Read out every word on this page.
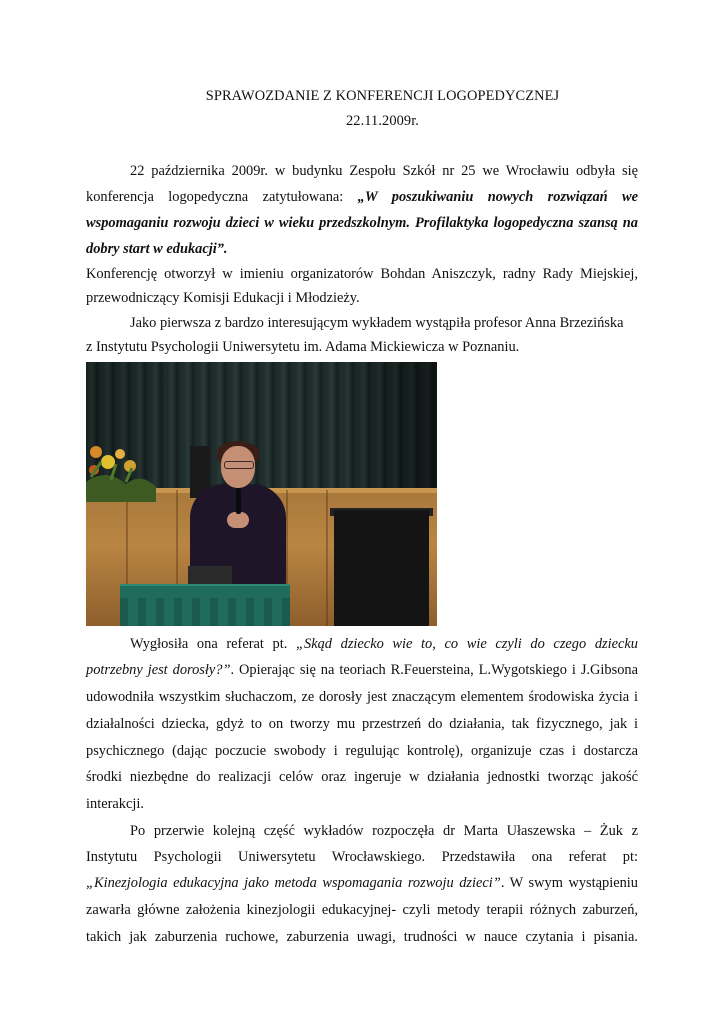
SPRAWOZDANIE Z KONFERENCJI LOGOPEDYCZNEJ
22.11.2009r.
22 października 2009r. w budynku Zespołu Szkół nr 25 we Wrocławiu odbyła się
konferencja logopedyczna zatytułowana: „W poszukiwaniu nowych rozwiązań we
wspomaganiu rozwoju dzieci w wieku przedszkolnym. Profilaktyka logopedyczna szansą na
dobry start w edukacji”.
Konferencję otworzył w imieniu organizatorów Bohdan Aniszczyk, radny Rady Miejskiej,
przewodniczący Komisji Edukacji i Młodzieży.
Jako pierwsza z bardzo interesującym wykładem wystąpiła profesor Anna Brzezińska
z Instytutu Psychologii Uniwersytetu im. Adama Mickiewicza w Poznaniu.
Wygłosiła ona referat pt. „Skąd dziecko wie to, co wie czyli do czego dziecku
potrzebny jest dorosły?”. Opierając się na teoriach R.Feuersteina, L.Wygotskiego i J.Gibsona
udowodniła wszystkim słuchaczom, ze dorosły jest znaczącym elementem środowiska życia i
działalności dziecka, gdyż to on tworzy mu przestrzeń do działania, tak fizycznego, jak i
psychicznego (dając poczucie swobody i regulując kontrolę), organizuje czas i dostarcza
środki niezbędne do realizacji celów oraz ingeruje w działania jednostki tworząc jakość
interakcji.
Po przerwie kolejną część wykładów rozpoczęła dr Marta Ułaszewska – Żuk z
Instytutu Psychologii Uniwersytetu Wrocławskiego. Przedstawiła ona referat pt:
„Kinezjologia edukacyjna jako metoda wspomagania rozwoju dzieci”. W swym wystąpieniu
zawarła główne założenia kinezjologii edukacyjnej- czyli metody terapii różnych zaburzeń,
takich jak zaburzenia ruchowe, zaburzenia uwagi, trudności w nauce czytania i pisania.
